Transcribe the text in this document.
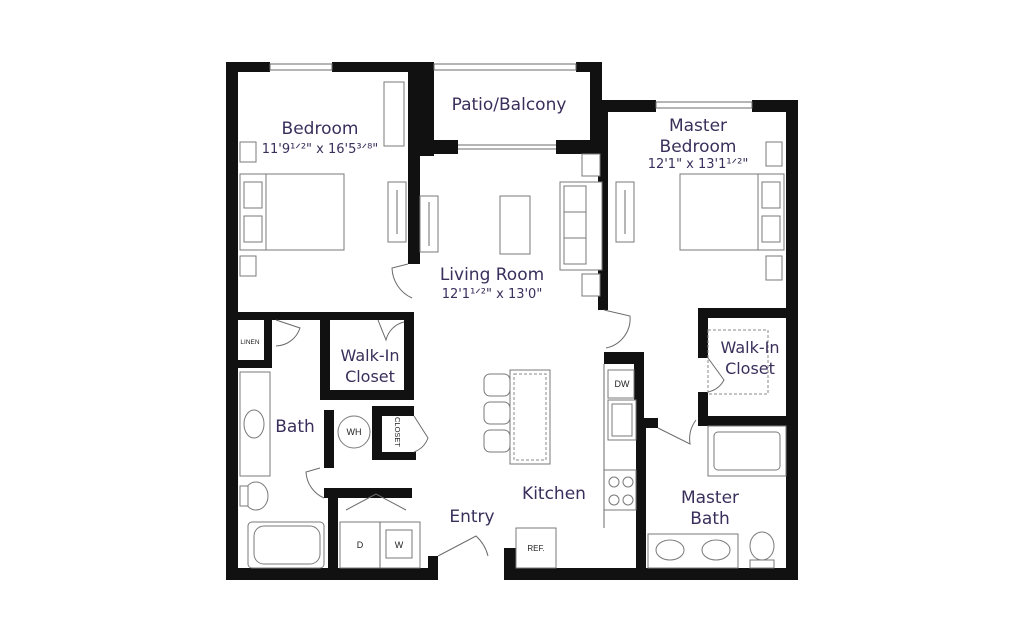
Bedroom
11'9¹ᐟ²" x 16'5³ᐟ⁸"
Patio/Balcony
Master
Bedroom
12'1" x 13'1¹ᐟ²"
Living Room
12'1¹ᐟ²" x 13'0"
Walk-In
Closet
Walk-In
Closet
Bath
Kitchen
Entry
Master
Bath
LINEN
WH	CLOSET
DW
D	W	REF.
